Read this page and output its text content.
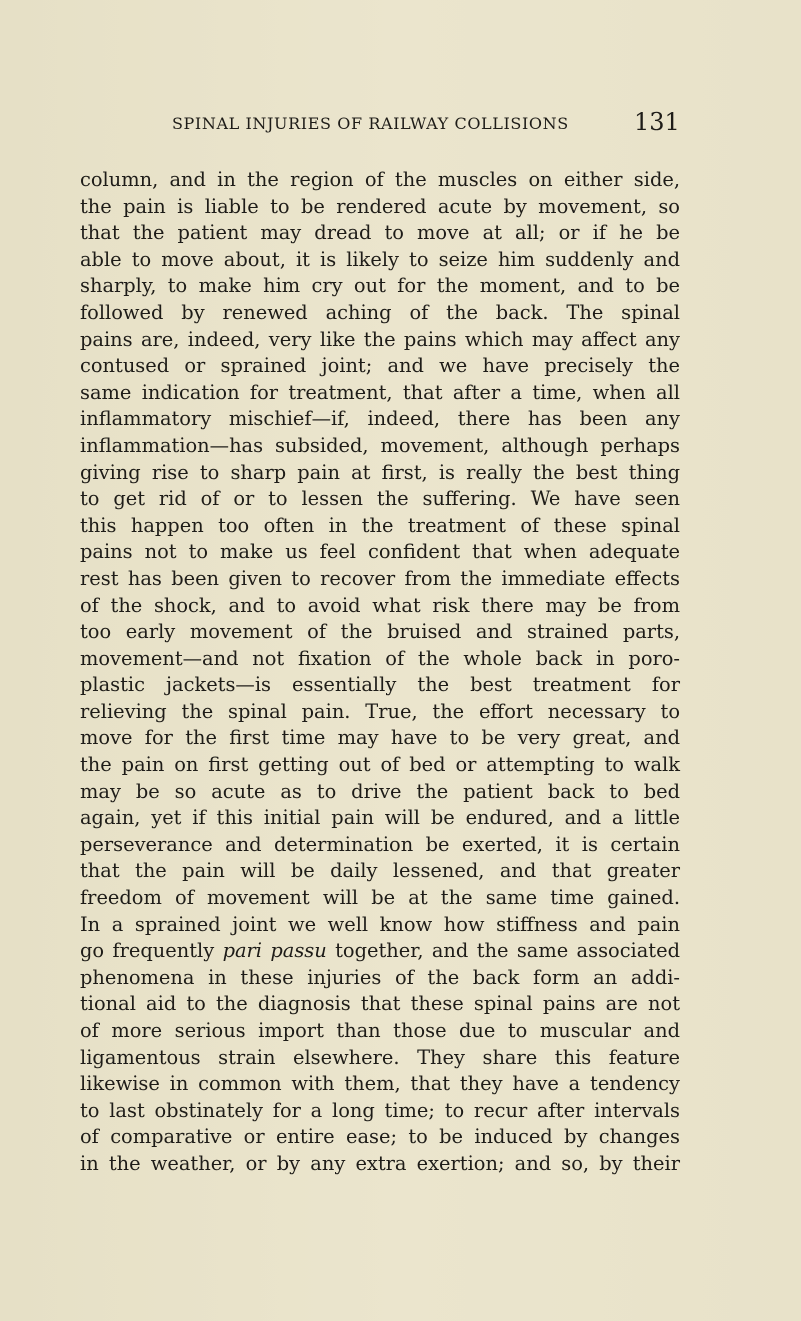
SPINAL INJURIES OF RAILWAY COLLISIONS	131
column, and in the region of the muscles on either side,
the pain is liable to be rendered acute by movement, so
that the patient may dread to move at all; or if he be
able to move about, it is likely to seize him suddenly and
sharply, to make him cry out for the moment, and to be
followed by renewed aching of the back. The spinal
pains are, indeed, very like the pains which may affect any
contused or sprained joint; and we have precisely the
same indication for treatment, that after a time, when all
inflammatory mischief—if, indeed, there has been any
inflammation—has subsided, movement, although perhaps
giving rise to sharp pain at first, is really the best thing
to get rid of or to lessen the suffering. We have seen
this happen too often in the treatment of these spinal
pains not to make us feel confident that when adequate
rest has been given to recover from the immediate effects
of the shock, and to avoid what risk there may be from
too early movement of the bruised and strained parts,
movement—and not fixation of the whole back in poro-
plastic jackets—is essentially the best treatment for
relieving the spinal pain. True, the effort necessary to
move for the first time may have to be very great, and
the pain on first getting out of bed or attempting to walk
may be so acute as to drive the patient back to bed
again, yet if this initial pain will be endured, and a little
perseverance and determination be exerted, it is certain
that the pain will be daily lessened, and that greater
freedom of movement will be at the same time gained.
In a sprained joint we well know how stiffness and pain
go frequently pari passu together, and the same associated
phenomena in these injuries of the back form an addi-
tional aid to the diagnosis that these spinal pains are not
of more serious import than those due to muscular and
ligamentous strain elsewhere. They share this feature
likewise in common with them, that they have a tendency
to last obstinately for a long time; to recur after intervals
of comparative or entire ease; to be induced by changes
in the weather, or by any extra exertion; and so, by their
